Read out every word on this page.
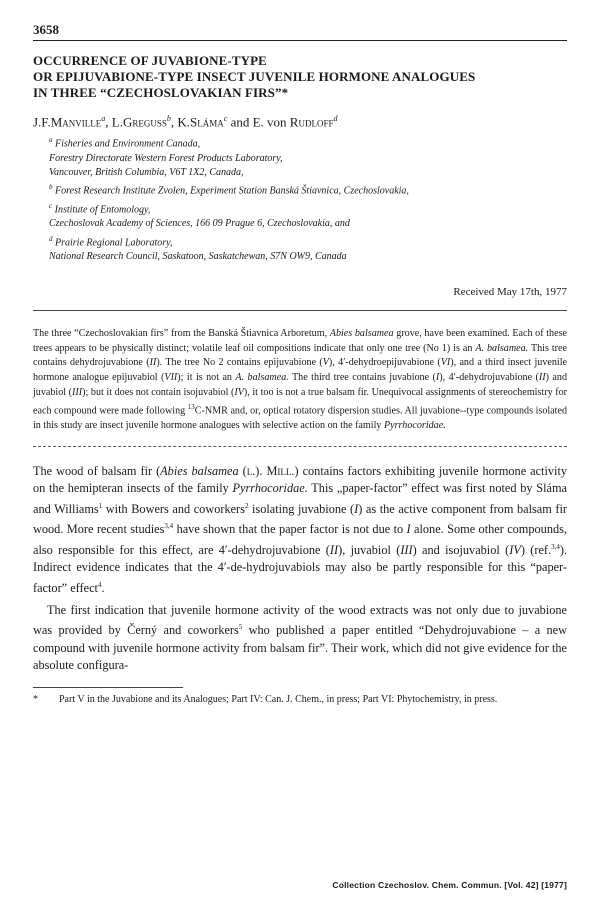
3658
OCCURRENCE OF JUVABIONE-TYPE
OR EPIJUVABIONE-TYPE INSECT JUVENILE HORMONE ANALOGUES
IN THREE “CZECHOSLOVAKIAN FIRS”*
J.F.Manville$^a$, L.Greguss$^b$, K.Sláma$^c$ and E. von Rudloff$^d$
$^a$ Fisheries and Environment Canada,
Forestry Directorate Western Forest Products Laboratory,
Vancouver, British Columbia, V6T 1X2, Canada,
$^b$ Forest Research Institute Zvolen, Experiment Station Banská Štiavnica, Czechoslovakia,
$^c$ Institute of Entomology,
Czechoslovak Academy of Sciences, 166 09 Prague 6, Czechoslovakia, and
$^d$ Prairie Regional Laboratory,
National Research Council, Saskatoon, Saskatchewan, S7N OW9, Canada
Received May 17th, 1977
The three “Czechoslovakian firs” from the Banská Štiavnica Arboretum, Abies balsamea grove, have been examined. Each of these trees appears to be physically distinct; volatile leaf oil compositions indicate that only one tree (No 1) is an A. balsamea. This tree contains dehydrojuvabione (II). The tree No 2 contains epijuvabione (V), 4′-dehydroepijuvabione (VI), and a third insect juvenile hormone analogue epijuvabiol (VII); it is not an A. balsamea. The third tree contains juvabione (I), 4′-dehydrojuvabione (II) and juvabiol (III); but it does not contain isojuvabiol (IV), it too is not a true balsam fir. Unequivocal assignments of stereochemistry for each compound were made following $^{13}$C-NMR and, or, optical rotatory dispersion studies. All juvabione--type compounds isolated in this study are insect juvenile hormone analogues with selective action on the family Pyrrhocoridae.

The wood of balsam fir (Abies balsamea (l.). Mill.) contains factors exhibiting juvenile hormone activity on the hemipteran insects of the family Pyrrhocoridae. This „paper-factor” effect was first noted by Sláma and Williams$^1$ with Bowers and coworkers$^2$ isolating juvabione (I) as the active component from balsam fir wood. More recent studies$^{3,4}$ have shown that the paper factor is not due to I alone. Some other compounds, also responsible for this effect, are 4′-dehydrojuvabione (II), juvabiol (III) and isojuvabiol (IV) (ref.$^{3,4}$). Indirect evidence indicates that the 4′-de-hydrojuvabiols may also be partly responsible for this “paper-factor” effect$^4$.

The first indication that juvenile hormone activity of the wood extracts was not only due to juvabione was provided by Černý and coworkers$^5$ who published a paper entitled “Dehydrojuvabione – a new compound with juvenile hormone activity from balsam fir”. Their work, which did not give evidence for the absolute configura-

* Part V in the Juvabione and its Analogues; Part IV: Can. J. Chem., in press; Part VI: Phytochemistry, in press.
Collection Czechoslov. Chem. Commun. [Vol. 42] [1977]
